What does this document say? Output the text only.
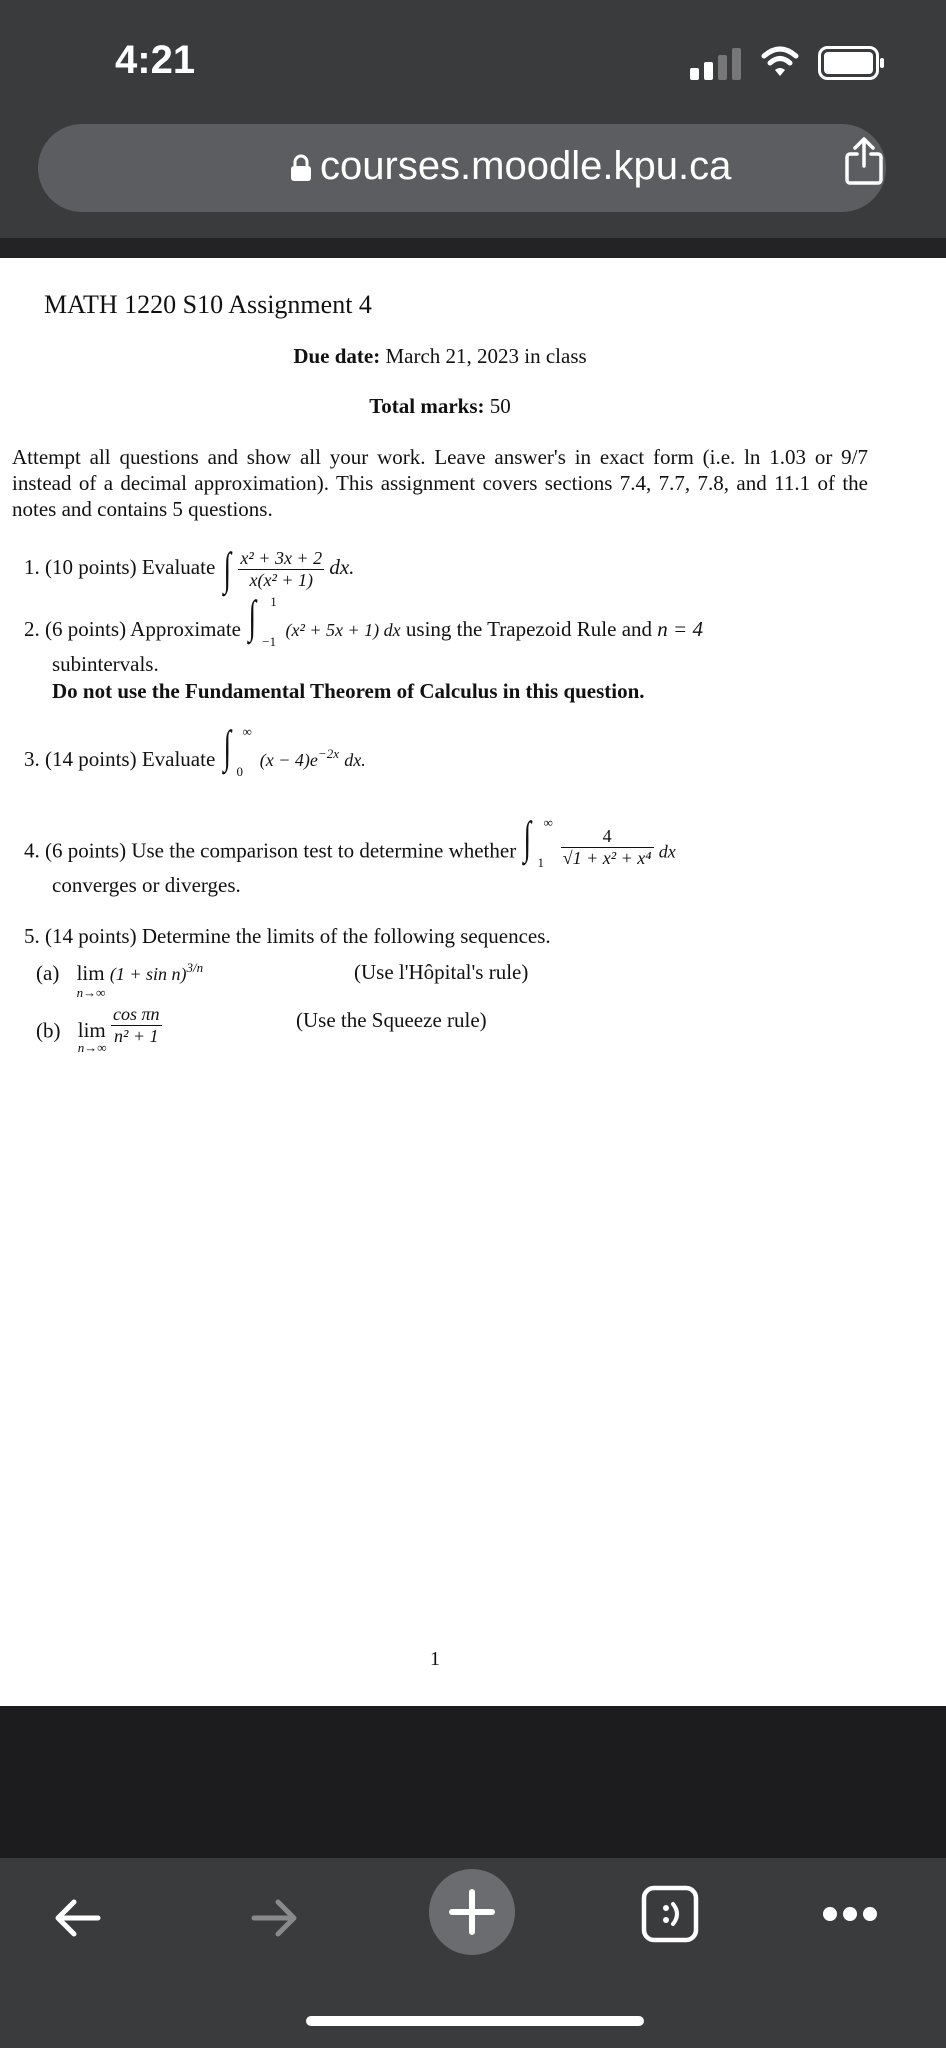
4:21
courses.moodle.kpu.ca
MATH 1220 S10 Assignment 4
Due date: March 21, 2023 in class
Total marks: 50
Attempt all questions and show all your work. Leave answer's in exact form (i.e. ln 1.03 or 9/7 instead of a decimal approximation). This assignment covers sections 7.4, 7.7, 7.8, and 11.1 of the notes and contains 5 questions.
1. (10 points) Evaluate ∫ $\frac{\text{x² + 3x + 2}}{\text{x(x² + 1)}}$ dx.
2. (6 points) Approximate ∫ 1
−1
(x² + 5x + 1) dx using the Trapezoid Rule and n = 4
subintervals.
Do not use the Fundamental Theorem of Calculus in this question.
3. (14 points) Evaluate ∫ ∞
0
$(x - 4)e^{-2x}$ dx.
4. (6 points) Use the comparison test to determine whether ∫ ∞
1
$\frac{4}{\text{√1 + x² + x⁴}}$ dx
converges or diverges.
5. (14 points) Determine the limits of the following sequences.
(a) lim
n→∞
$(1 + \sin n)^{3/n}$	(Use l'Hôpital's rule)
(b) lim
n→∞

$\frac{\text{cos πn}}{\text{n² + 1}}$	(Use the Squeeze rule)
1
